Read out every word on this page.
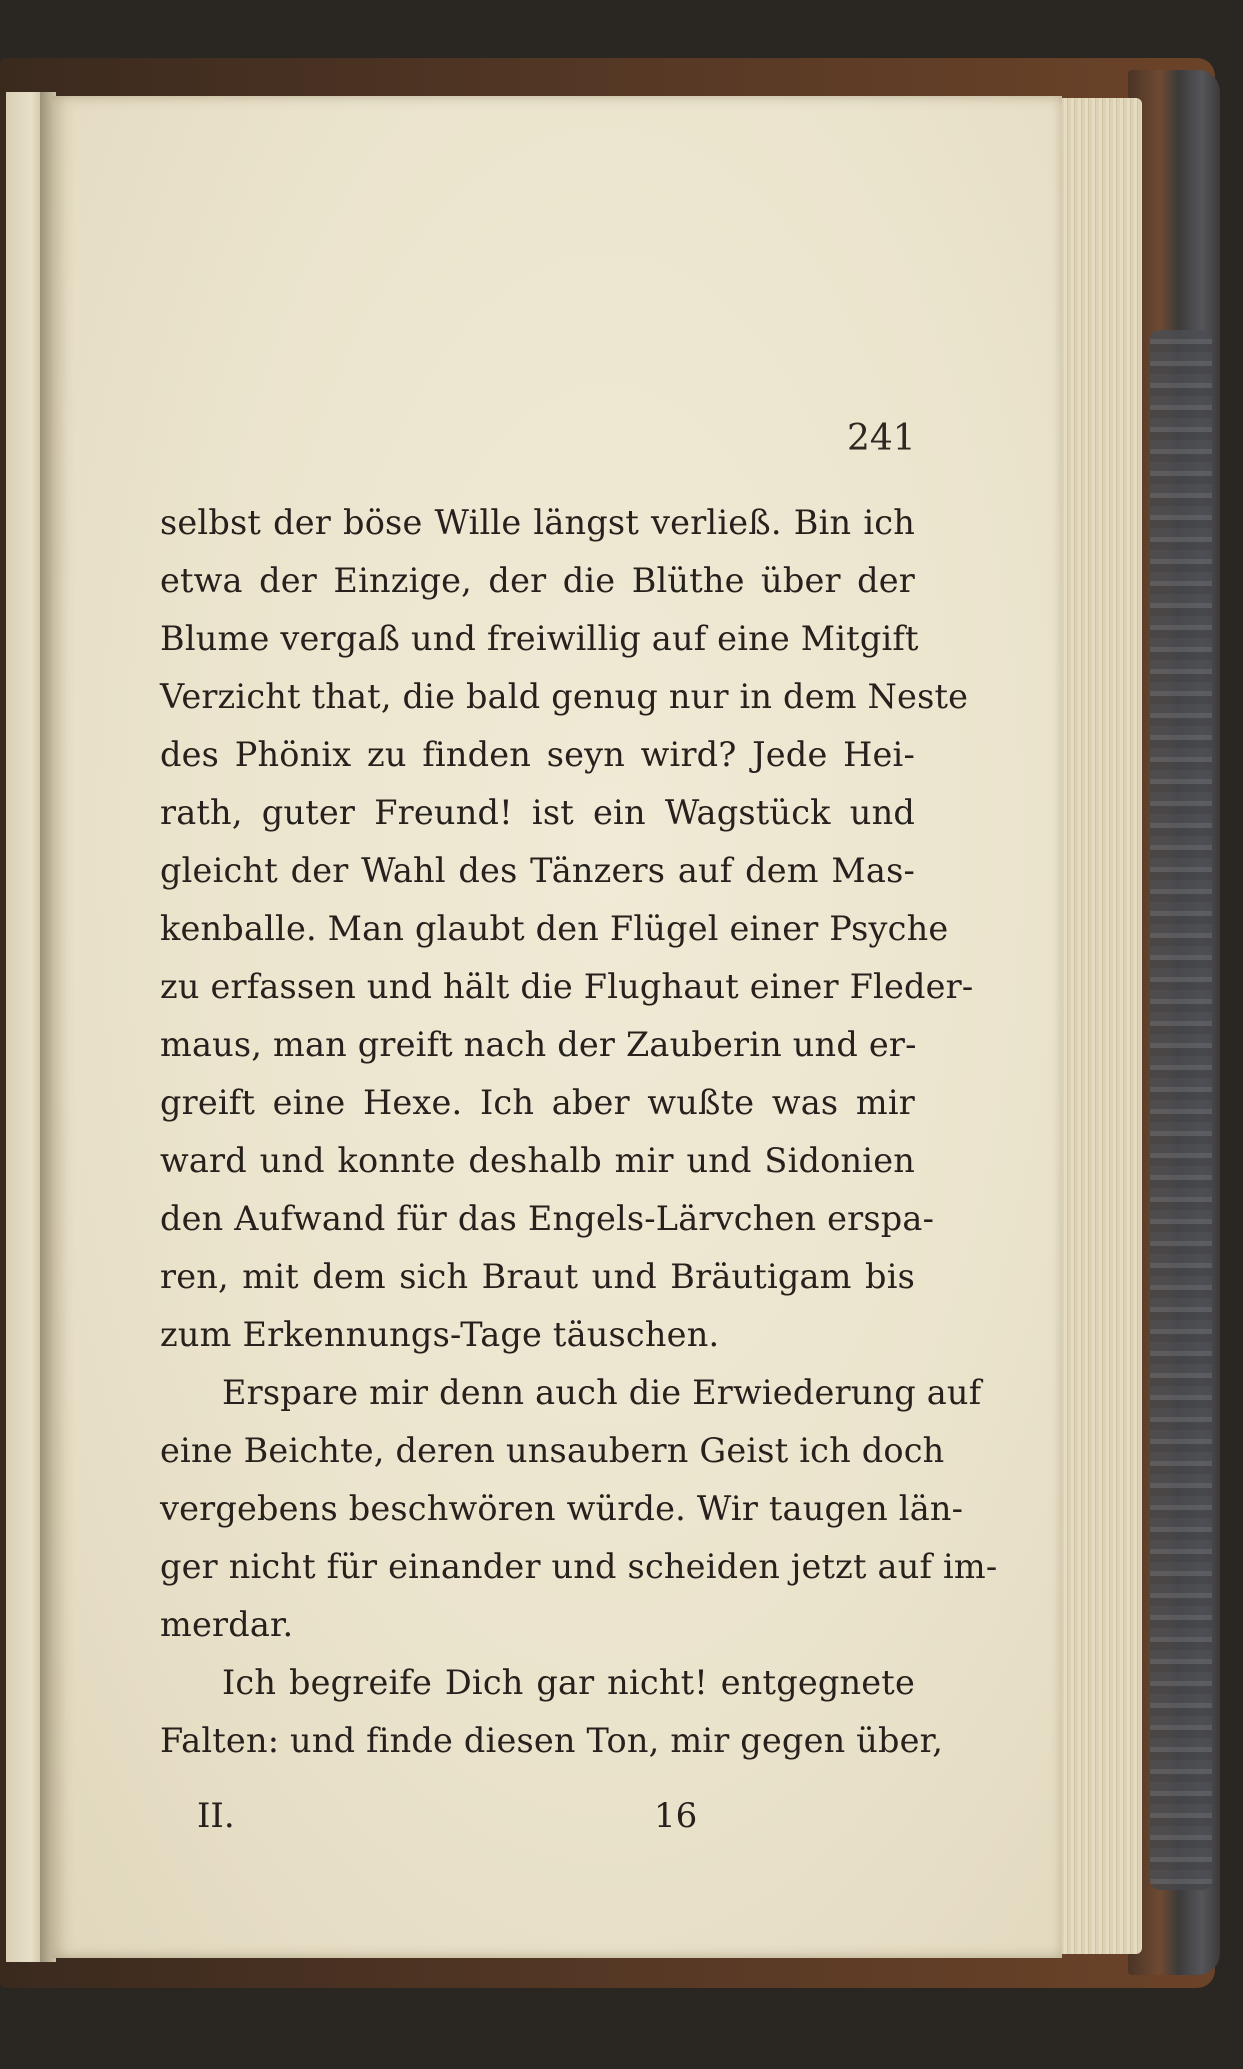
241
selbst der böse Wille längst verließ. Bin ich
etwa der Einzige, der die Blüthe über der
Blume vergaß und freiwillig auf eine Mitgift
Verzicht that, die bald genug nur in dem Neste
des Phönix zu finden seyn wird? Jede Hei-
rath, guter Freund! ist ein Wagstück und
gleicht der Wahl des Tänzers auf dem Mas-
kenballe. Man glaubt den Flügel einer Psyche
zu erfassen und hält die Flughaut einer Fleder-
maus, man greift nach der Zauberin und er-
greift eine Hexe. Ich aber wußte was mir
ward und konnte deshalb mir und Sidonien
den Aufwand für das Engels-Lärvchen erspa-
ren, mit dem sich Braut und Bräutigam bis
zum Erkennungs-Tage täuschen.
Erspare mir denn auch die Erwiederung auf
eine Beichte, deren unsaubern Geist ich doch
vergebens beschwören würde. Wir taugen län-
ger nicht für einander und scheiden jetzt auf im-
merdar.
Ich begreife Dich gar nicht! entgegnete
Falten: und finde diesen Ton, mir gegen über,
II.	16
